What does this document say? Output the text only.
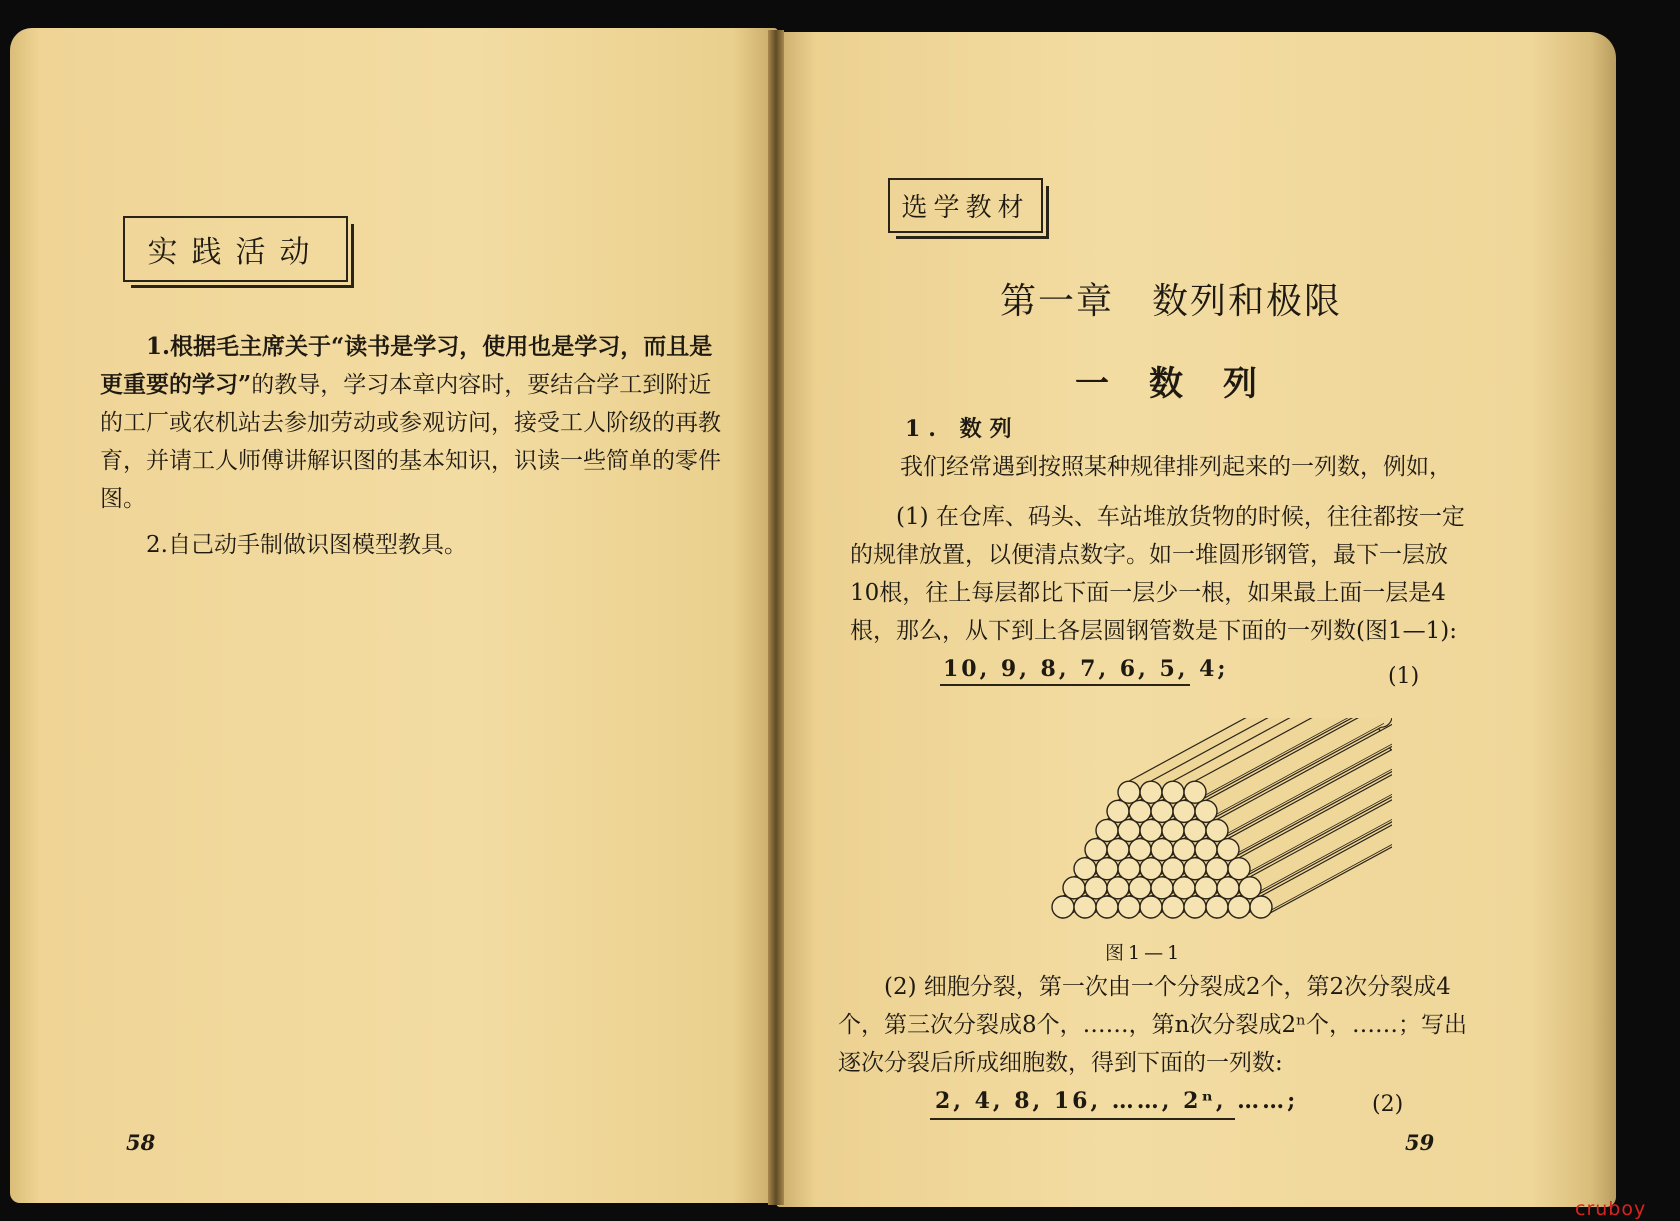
实践活动

1.根据毛主席关于“读书是学习，使用也是学习，而且是更重要的学习”的教导，学习本章内容时，要结合学工到附近的工厂或农机站去参加劳动或参观访问，接受工人阶级的再教育，并请工人师傅讲解识图的基本知识，识读一些简单的零件图。

2.自己动手制做识图模型教具。

58
选学教材
第一章　数列和极限
一数列
1. 数列

我们经常遇到按照某种规律排列起来的一列数，例如，

(1) 在仓库、码头、车站堆放货物的时候，往往都按一定的规律放置，以便清点数字。如一堆圆形钢管，最下一层放10根，往上每层都比下面一层少一根，如果最上面一层是4根，那么，从下到上各层圆钢管数是下面的一列数(图1—1):

10, 9, 8, 7, 6, 5, 4;	(1)
图1—1

(2) 细胞分裂，第一次由一个分裂成2个，第2次分裂成4个，第三次分裂成8个，……，第n次分裂成2ⁿ个，……；写出逐次分裂后所成细胞数，得到下面的一列数:

2, 4, 8, 16, ……, 2ⁿ, ……;	(2)
59
cruboy
